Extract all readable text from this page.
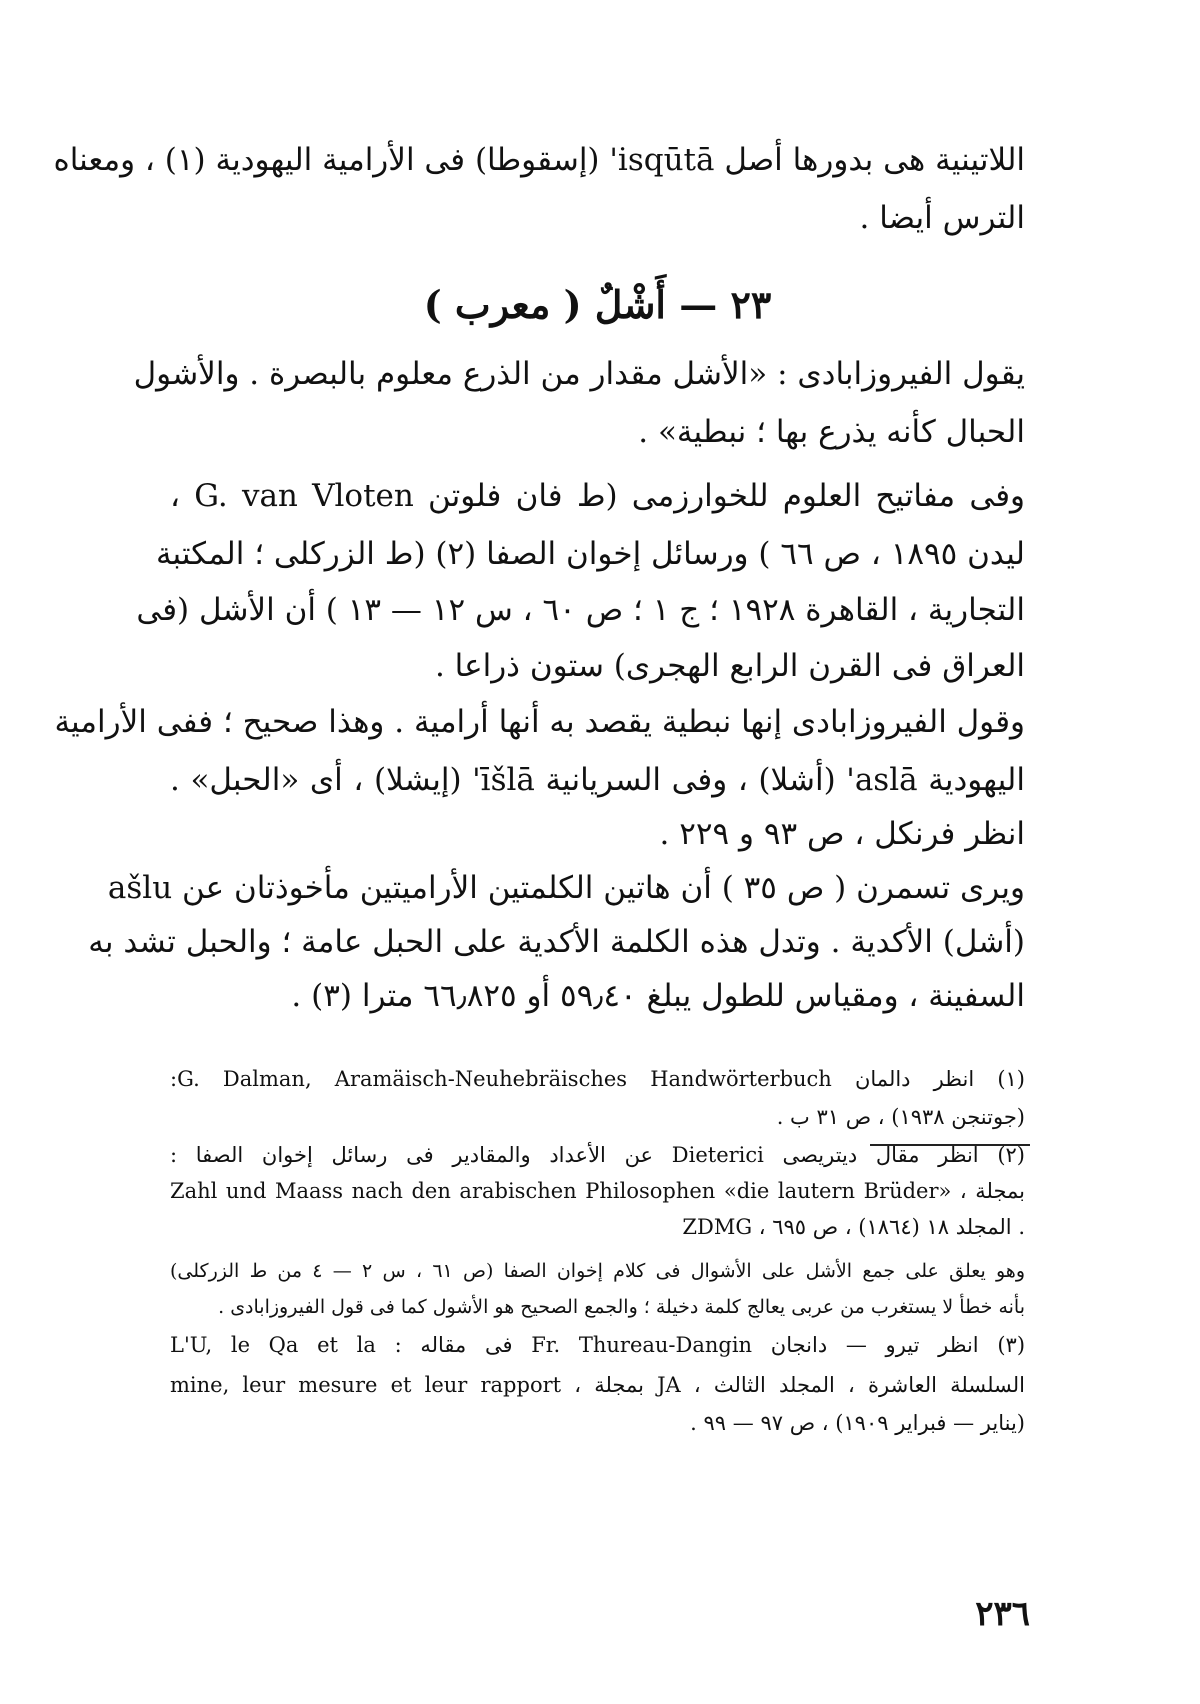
اللاتينية هى بدورها أصل isqūtā' (إسقوطا) فى الأرامية اليهودية (١) ، ومعناه
الترس أيضا .
٢٣ — أَشْلٌ ( معرب )
يقول الفيروزابادى : «الأشل مقدار من الذرع معلوم بالبصرة . والأشول
الحبال كأنه يذرع بها ؛ نبطية» .
وفى مفاتيح العلوم للخوارزمى (ط فان فلوتن G. van Vloten ،
ليدن ١٨٩٥ ، ص ٦٦ ) ورسائل إخوان الصفا (٢) (ط الزركلى ؛ المكتبة
التجارية ، القاهرة ١٩٢٨ ؛ ج ١ ؛ ص ٦٠ ، س ١٢ — ١٣ ) أن الأشل (فى
العراق فى القرن الرابع الهجرى) ستون ذراعا .
وقول الفيروزابادى إنها نبطية يقصد به أنها أرامية . وهذا صحيح ؛ ففى الأرامية
اليهودية aslā' (أشلا) ، وفى السريانية īšlā' (إيشلا) ، أى «الحبل» .
انظر فرنكل ، ص ٩٣ و ٢٢٩ .
ويرى تسمرن ( ص ٣٥ ) أن هاتين الكلمتين الأراميتين مأخوذتان عن ašlu
(أشل) الأكدية . وتدل هذه الكلمة الأكدية على الحبل عامة ؛ والحبل تشد به
السفينة ، ومقياس للطول يبلغ ٥٩٫٤٠ أو ٦٦٫٨٢٥ مترا (٣) .
(١) انظر دالمان G. Dalman, Aramäisch-Neuhebräisches Handwörterbuch:
(جوتنجن ١٩٣٨) ، ص ٣١ ب .
(٢) انظر مقال ديتريصى Dieterici عن الأعداد والمقادير فى رسائل إخوان الصفا :
Zahl und Maass nach den arabischen Philosophen «die lautern Brüder» ، بمجلة
ZDMG ، المجلد ١٨ (١٨٦٤) ، ص ٦٩٥ .
وهو يعلق على جمع الأشل على الأشوال فى كلام إخوان الصفا (ص ٦١ ، س ٢ — ٤ من ط الزركلى)
بأنه خطأ لا يستغرب من عربى يعالج كلمة دخيلة ؛ والجمع الصحيح هو الأشول كما فى قول الفيروزابادى .
(٣) انظر تيرو — دانجان Fr. Thureau-Dangin فى مقاله : L'U, le Qa et la
mine, leur mesure et leur rapport ، بمجلة JA ، السلسلة العاشرة ، المجلد الثالث
(يناير — فبراير ١٩٠٩) ، ص ٩٧ — ٩٩ .
٢٣٦
